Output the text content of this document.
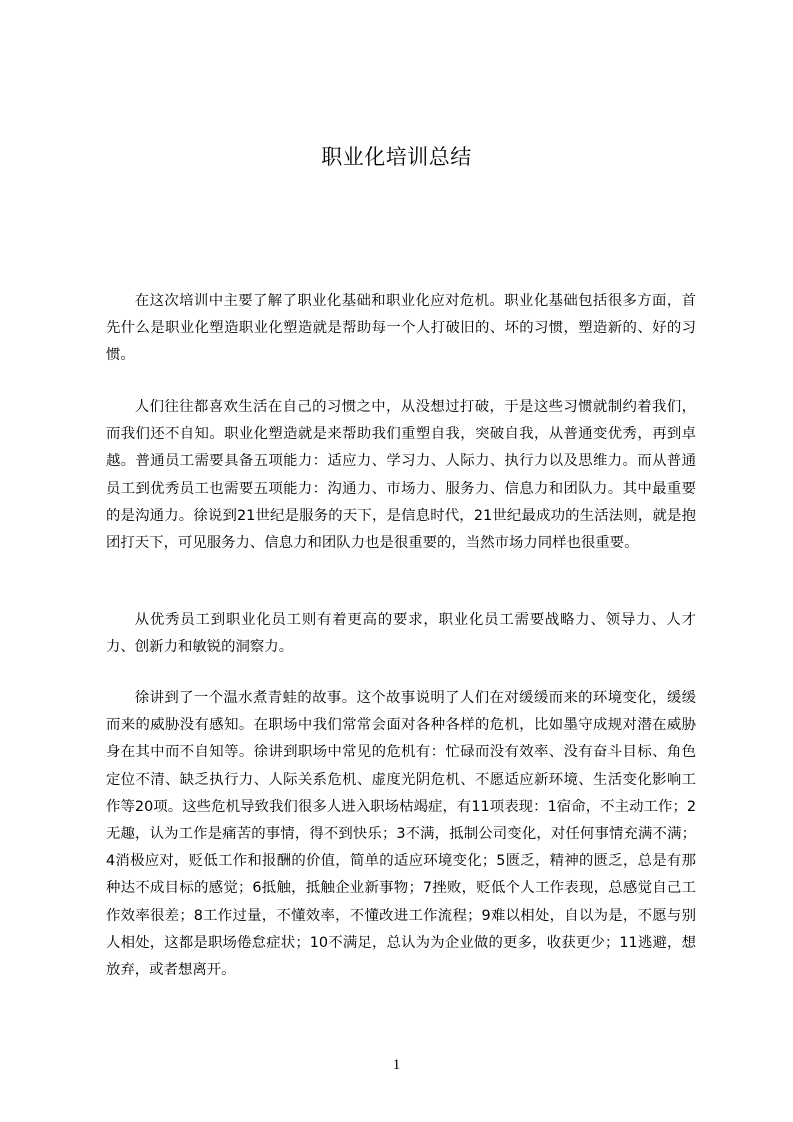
职业化培训总结

在这次培训中主要了解了职业化基础和职业化应对危机。职业化基础包括很多方面，首先什么是职业化塑造职业化塑造就是帮助每一个人打破旧的、坏的习惯，塑造新的、好的习惯。

人们往往都喜欢生活在自己的习惯之中，从没想过打破，于是这些习惯就制约着我们，而我们还不自知。职业化塑造就是来帮助我们重塑自我，突破自我，从普通变优秀，再到卓越。普通员工需要具备五项能力：适应力、学习力、人际力、执行力以及思维力。而从普通员工到优秀员工也需要五项能力：沟通力、市场力、服务力、信息力和团队力。其中最重要的是沟通力。徐说到21世纪是服务的天下，是信息时代，21世纪最成功的生活法则，就是抱团打天下，可见服务力、信息力和团队力也是很重要的，当然市场力同样也很重要。

从优秀员工到职业化员工则有着更高的要求，职业化员工需要战略力、领导力、人才力、创新力和敏锐的洞察力。

徐讲到了一个温水煮青蛙的故事。这个故事说明了人们在对缓缓而来的环境变化，缓缓而来的威胁没有感知。在职场中我们常常会面对各种各样的危机，比如墨守成规对潜在威胁身在其中而不自知等。徐讲到职场中常见的危机有：忙碌而没有效率、没有奋斗目标、角色定位不清、缺乏执行力、人际关系危机、虚度光阴危机、不愿适应新环境、生活变化影响工作等20项。这些危机导致我们很多人进入职场枯竭症，有11项表现：1宿命，不主动工作；2无趣，认为工作是痛苦的事情，得不到快乐；3不满，抵制公司变化，对任何事情充满不满；4消极应对，贬低工作和报酬的价值，简单的适应环境变化；5匮乏，精神的匮乏，总是有那种达不成目标的感觉；6抵触，抵触企业新事物；7挫败，贬低个人工作表现，总感觉自己工作效率很差；8工作过量，不懂效率，不懂改进工作流程；9难以相处，自以为是，不愿与别人相处，这都是职场倦怠症状；10不满足，总认为为企业做的更多，收获更少；11逃避，想放弃，或者想离开。

1
